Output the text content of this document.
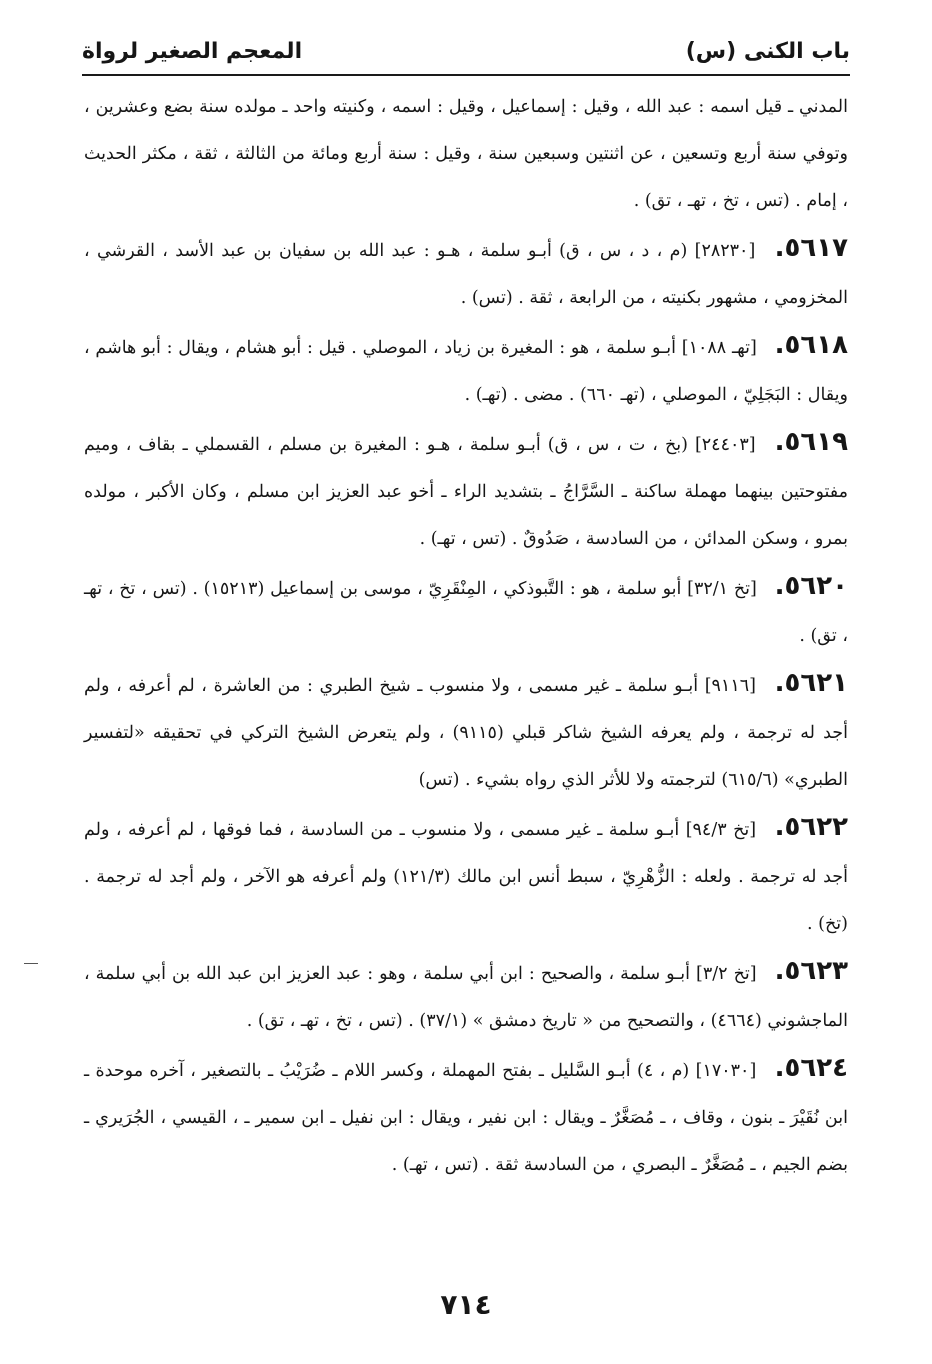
باب الكنى (س)
المعجم الصغير لرواة

المدني ـ قيل اسمه : عبد الله ، وقيل : إسماعيل ، وقيل : اسمه ، وكنيته واحد ـ مولده سنة بضع وعشرين ، وتوفي سنة أربع وتسعين ، عن اثنتين وسبعين سنة ، وقيل : سنة أربع ومائة من الثالثة ، ثقة ، مكثر الحديث ، إمام . (تس ، تخ ، تهـ ، تق) .

٥٦١٧. [٢٨٢٣٠] (م ، د ، س ، ق) أبـو سلمة ، هـو : عبد الله بن سفيان بن عبد الأسد ، القرشي ، المخزومي ، مشهور بكنيته ، من الرابعة ، ثقة . (تس) .

٥٦١٨. [تهـ ١٠٨٨] أبـو سلمة ، هو : المغيرة بن زياد ، الموصلي . قيل : أبو هشام ، ويقال : أبو هاشم ، ويقال : البَجَلِيّ ، الموصلي ، (تهـ ٦٦٠) . مضى . (تهـ) .

٥٦١٩. [٢٤٤٠٣] (بخ ، ت ، س ، ق) أبـو سلمة ، هـو : المغيرة بن مسلم ، القسملي ـ بقاف ، وميم مفتوحتين بينهما مهملة ساكنة ـ السَّرَّاجُ ـ بتشديد الراء ـ أخو عبد العزيز ابن مسلم ، وكان الأكبر ، مولده بمرو ، وسكن المدائن ، من السادسة ، صَدُوقٌ . (تس ، تهـ) .

٥٦٢٠. [تخ ٣٢/١] أبو سلمة ، هو : التَّبوذكي ، المِنْقَرِيّ ، موسى بن إسماعيل (١٥٢١٣) . (تس ، تخ ، تهـ ، تق) .

٥٦٢١. [٩١١٦] أبـو سلمة ـ غير مسمى ، ولا منسوب ـ شيخ الطبري : من العاشرة ، لم أعرفه ، ولم أجد له ترجمة ، ولم يعرفه الشيخ شاكر قبلي (٩١١٥) ، ولم يتعرض الشيخ التركي في تحقيقه «لتفسير الطبري» (٦١٥/٦) لترجمته ولا للأثر الذي رواه بشيء . (تس)

٥٦٢٢. [تخ ٩٤/٣] أبـو سلمة ـ غير مسمى ، ولا منسوب ـ من السادسة ، فما فوقها ، لم أعرفه ، ولم أجد له ترجمة . ولعله : الزُّهْرِيّ ، سبط أنس ابن مالك (١٢١/٣) ولم أعرفه هو الآخر ، ولم أجد له ترجمة . (تخ) .

٥٦٢٣. [تخ ٣/٢] أبـو سلمة ، والصحيح : ابن أبي سلمة ، وهو : عبد العزيز ابن عبد الله بن أبي سلمة ، الماجشوني (٤٦٦٤) ، والتصحيح من « تاريخ دمشق » (٣٧/١) . (تس ، تخ ، تهـ ، تق) .

٥٦٢٤. [١٧٠٣٠] (م ، ٤) أبـو السَّليل ـ بفتح المهملة ، وكسر اللام ـ ضُرَيْبُ ـ بالتصغير ، آخره موحدة ـ ابن نُقَيْرَ ـ بنون ، وقاف ، ـ مُصَغَّرٌ ـ ويقال : ابن نفير ، ويقال : ابن نفيل ـ ابن سمير ـ ، القيسي ، الجُرَيري ـ بضم الجيم ، ـ مُصَغَّرٌ ـ البصري ، من السادسة ثقة . (تس ، تهـ) .

٧١٤
